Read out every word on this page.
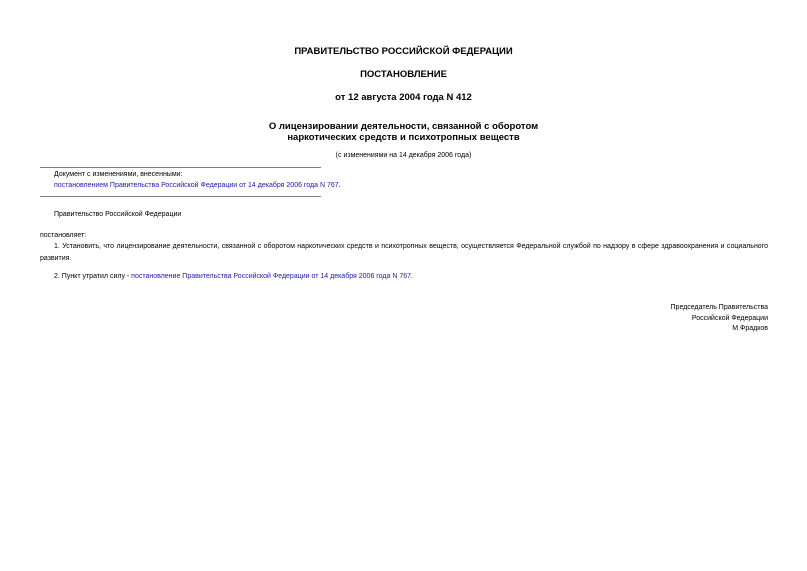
ПРАВИТЕЛЬСТВО РОССИЙСКОЙ ФЕДЕРАЦИИ
ПОСТАНОВЛЕНИЕ
от 12 августа 2004 года N 412
О лицензировании деятельности, связанной с оборотом
наркотических средств и психотропных веществ
(с изменениями на 14 декабря 2006 года)
Документ с изменениями, внесенными:
постановлением Правительства Российской Федерации от 14 декабря 2006 года N 767.
Правительство Российской Федерации
постановляет:
1. Установить, что лицензирование деятельности, связанной с оборотом наркотических средств и психотропных веществ, осуществляется Федеральной службой по надзору в сфере здравоохранения и социального развития.
2. Пункт утратил силу - постановление Правительства Российской Федерации от 14 декабря 2006 года N 767.
Председатель Правительства
Российской Федерации
М.Фрадков
